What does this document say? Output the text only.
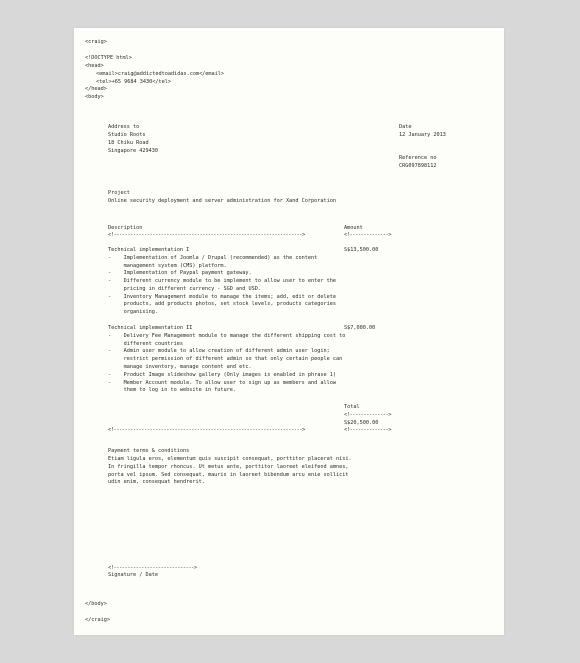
<craig>
<!DOCTYPE html>
<head>
<email>craig@addictedtoadidas.com</email>
<tel>+65 9684 3430</tel>
</head>
<body>
Address to
Studio Roots
18 Chiku Road
Singapore 429430
Date
12 January 2013
Reference no
CRG097898112
Project
Online security deployment and server administration for Xand Corporation
Description
<!-------------------------------------------------------------------->
Amount
<!-------------->
Technical implementation I	S$13,500.00
-    Implementation of Joomla / Drupal (recommended) as the content
management system (CMS) platform.
-    Implementation of Paypal payment gateway.
-    Different currency module to be implement to allow user to enter the
pricing in different currency - SGD and USD.
-    Inventory Management module to manage the items; add, edit or delete
products, add products photos, set stock levels, products categories
organising.
Technical implementation II	S$7,000.00
-    Delivery Fee Management module to manage the different shipping cost to
different countries
-    Admin user module to allow creation of different admin user login;
restrict permission of different admin so that only certain people can
manage inventory, manage content and etc.
-    Product Image slideshow gallery (Only images is enabled in phrase 1)
-    Member Account module. To allow user to sign up as members and allow
them to log in to website in future.
Total
<!-------------->
S$20,500.00
<!-------------------------------------------------------------------->	<!-------------->
Payment terms & conditions
Etiam ligula eros, elementum quis suscipit consequat, porttitor placerat nisi.
In fringilla tempor rhoncus. Ut metus ante, porttitor laoreet eleifend amnes,
porta vel ipsum. Sed consequat, mauris in laoreet bibendum arcu enie sollicit
udin enim, consequat hendrerit.
<!----------------------------->
Signature / Date
</body>
</craig>
